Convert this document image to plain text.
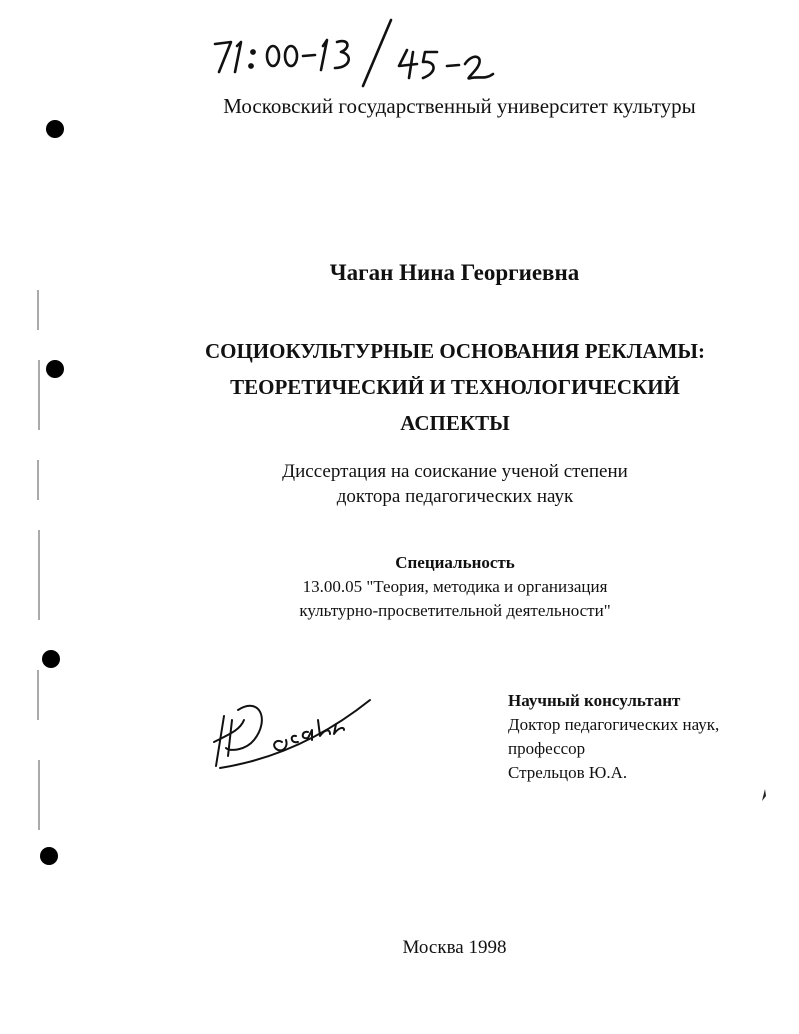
Московский государственный университет культуры
Чаган Нина Георгиевна
СОЦИОКУЛЬТУРНЫЕ ОСНОВАНИЯ РЕКЛАМЫ:
ТЕОРЕТИЧЕСКИЙ И ТЕХНОЛОГИЧЕСКИЙ
АСПЕКТЫ
Диссертация на соискание ученой степени
доктора педагогических наук
Специальность
13.00.05 "Теория, методика и организация
культурно-просветительной деятельности"
Научный консультант
Доктор педагогических наук,
профессор
Стрельцов Ю.А.
Москва 1998
